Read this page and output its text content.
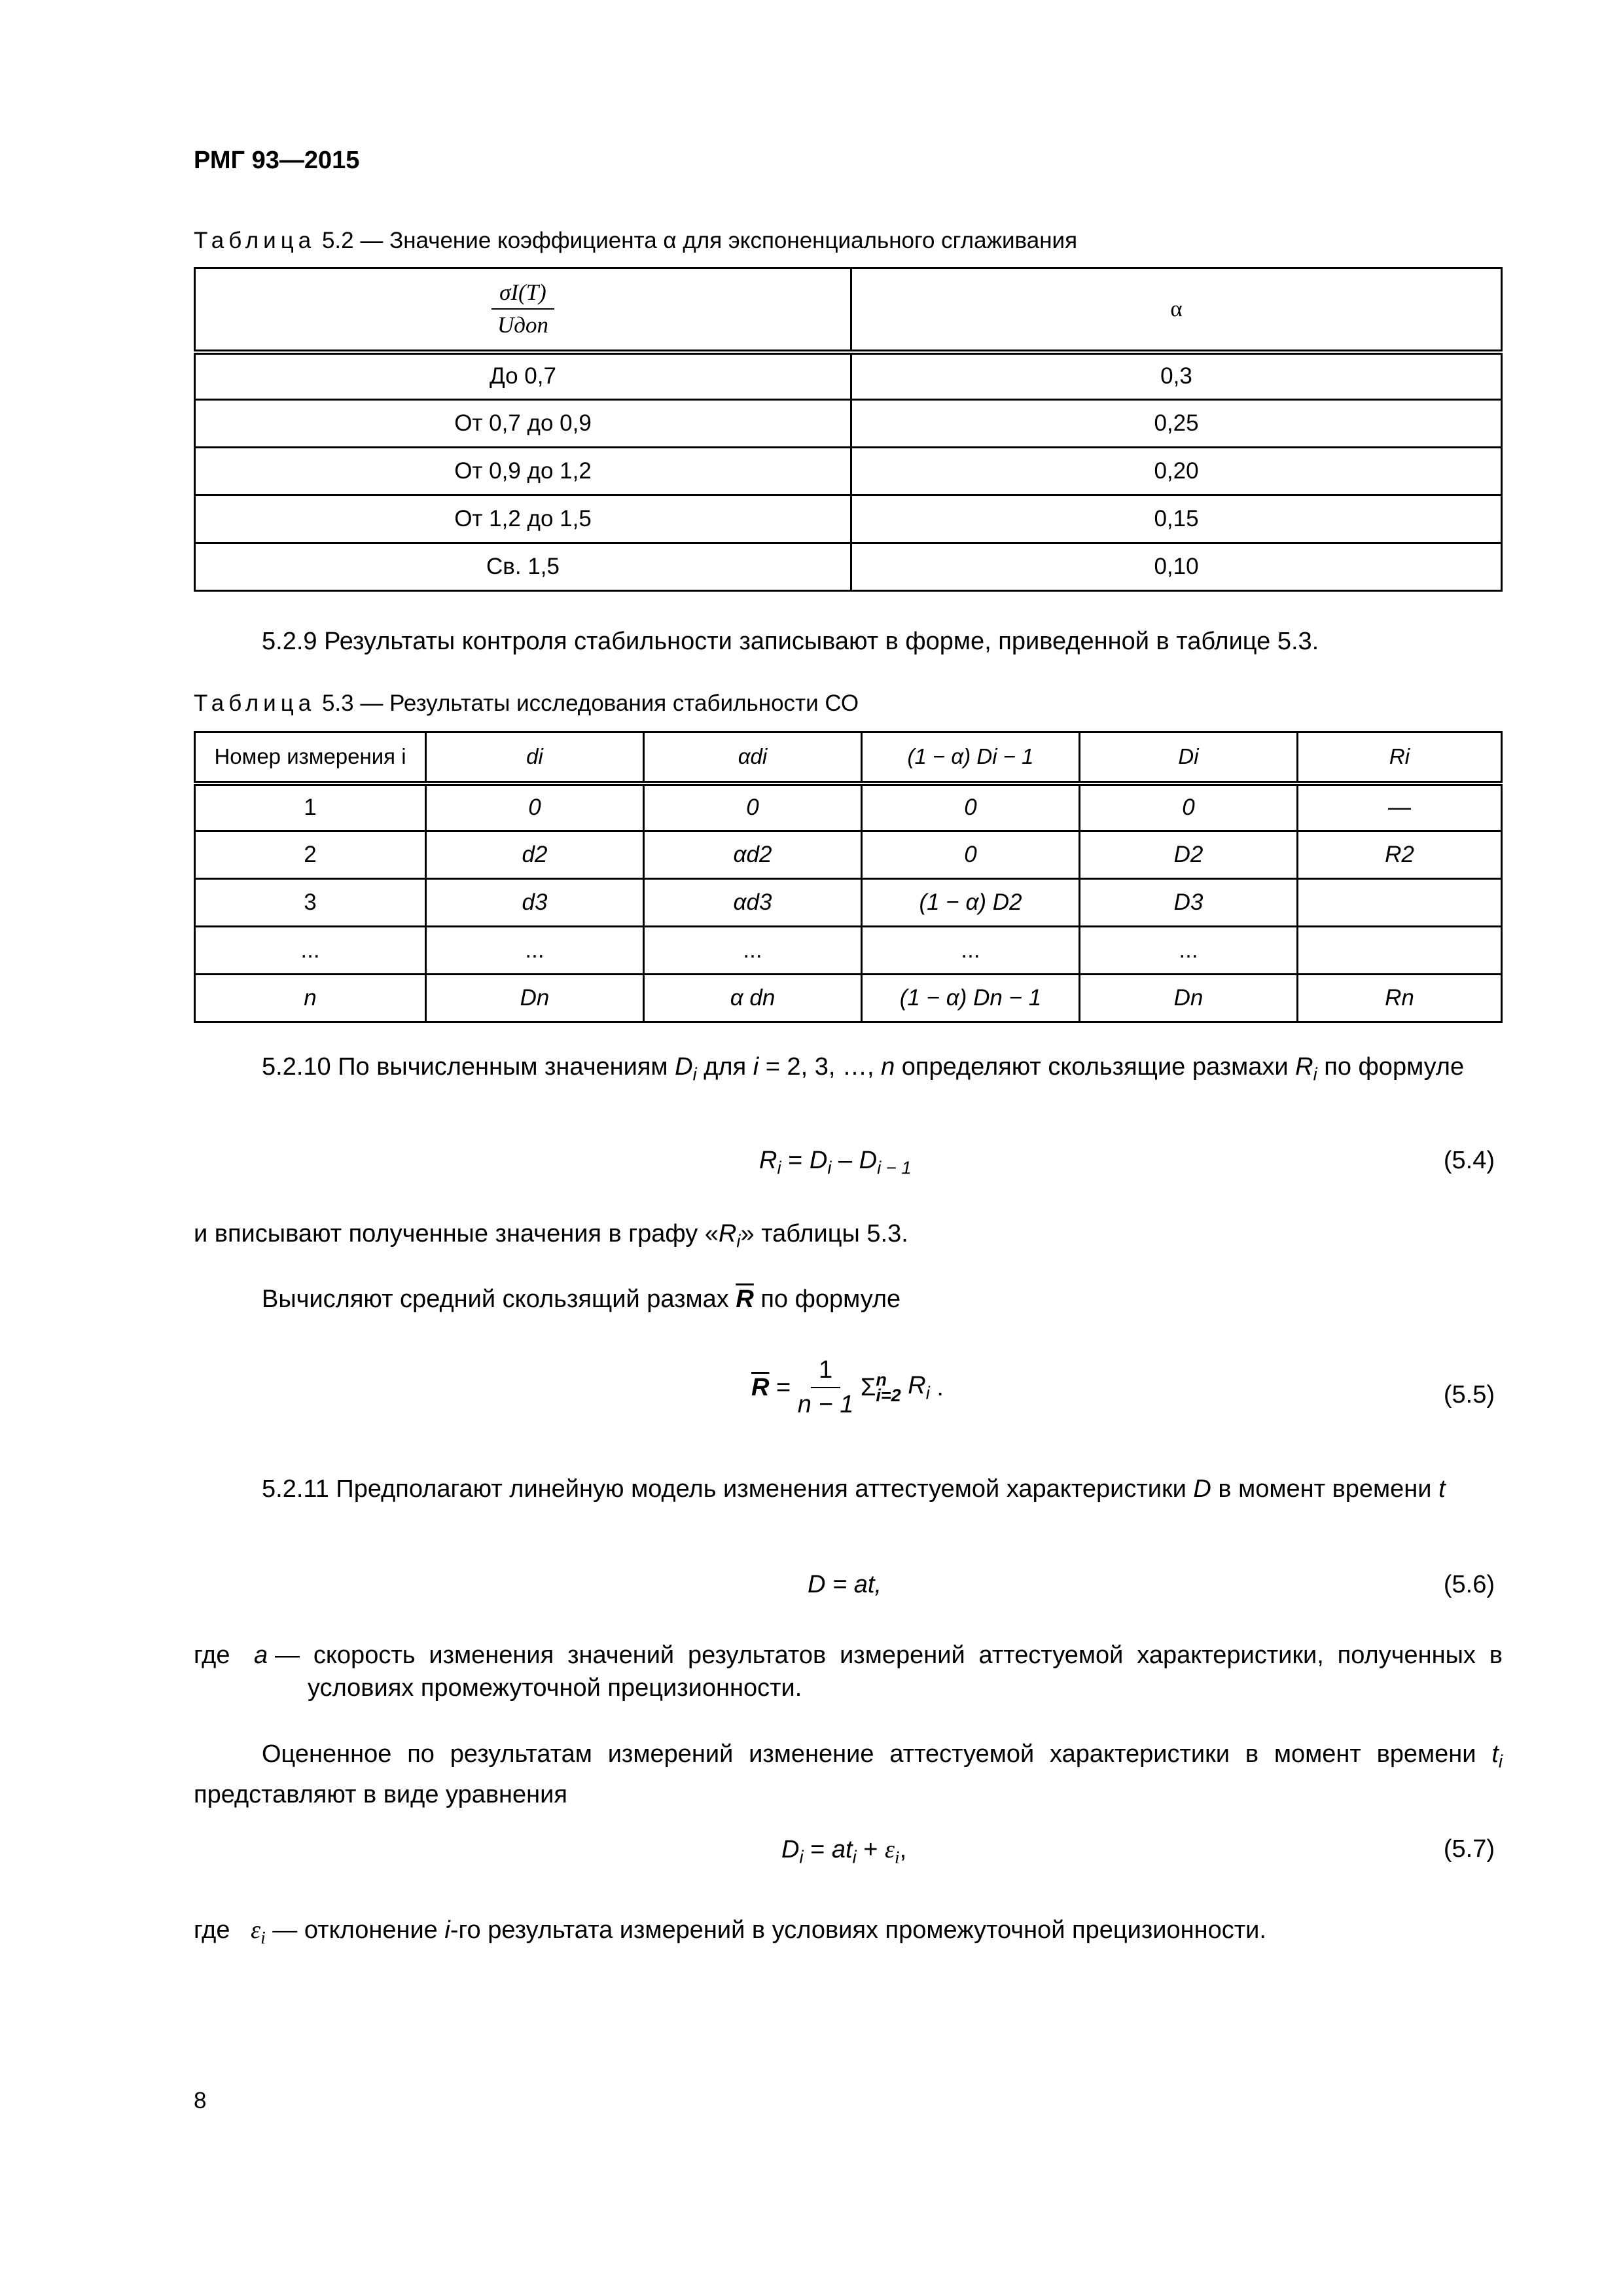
РМГ 93—2015
Таблица 5.2 — Значение коэффициента α для экспоненциального сглаживания
$\frac{\sigma I(T)}{\text{Uдоп}}$	α
До 0,7	0,3
От 0,7 до 0,9	0,25
От 0,9 до 1,2	0,20
От 1,2 до 1,5	0,15
Св. 1,5	0,10
5.2.9 Результаты контроля стабильности записывают в форме, приведенной в таблице 5.3.
Таблица 5.3 — Результаты исследования стабильности СО
Номер измерения i	di	αdi	(1 − α) Di − 1	Di	Ri
1	0	0	0	0	—
2	d2	αd2	0	D2	R2
3	d3	αd3	(1 − α) D2	D3	
...	...	...	...	...	
n	Dn	α dn	(1 − α) Dn − 1	Dn	Rn
5.2.10 По вычисленным значениям $D_i$ для i = 2, 3, …, n определяют скользящие размахи $R_i$ по формуле
$R_i = D_i - D_{i - 1}$	(5.4)
и вписывают полученные значения в графу «$R_i$» таблицы 5.3.
Вычисляют средний скользящий размах $\overline{R}$ по формуле
$\overline{R} = \frac{1}{n - 1}$ Σ n
i=2
$R_i$ .	(5.5)
5.2.11 Предполагают линейную модель изменения аттестуемой характеристики D в момент времени t
D = at,	(5.6)
где a — скорость изменения значений результатов измерений аттестуемой характеристики, полученных в условиях промежуточной прецизионности.
Оцененное по результатам измерений изменение аттестуемой характеристики в момент времени $t_i$ представляют в виде уравнения
$D_i = at_i + \varepsilon_i$,	(5.7)
где $\varepsilon_i$ — отклонение i-го результата измерений в условиях промежуточной прецизионности.
8
